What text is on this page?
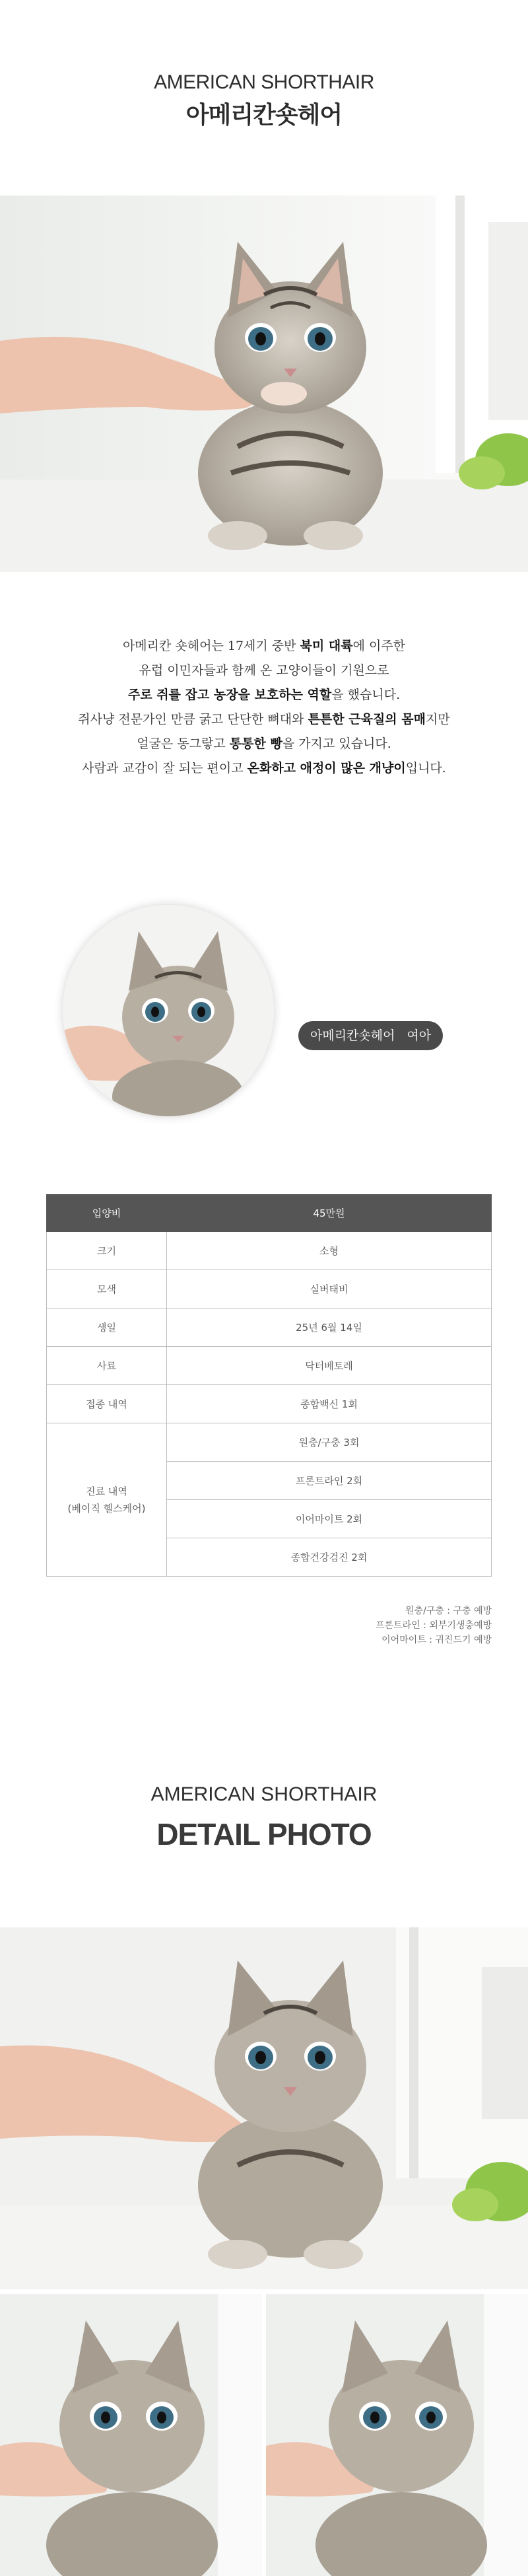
AMERICAN SHORTHAIR
아메리칸숏헤어

아메리칸 숏헤어는 17세기 중반 북미 대륙에 이주한

유럽 이민자들과 함께 온 고양이들이 기원으로

주로 쥐를 잡고 농장을 보호하는 역할을 했습니다.

쥐사냥 전문가인 만큼 굵고 단단한 뼈대와 튼튼한 근육질의 몸매지만

얼굴은 동그랗고 통통한 빵을 가지고 있습니다.

사람과 교감이 잘 되는 편이고 온화하고 애정이 많은 개냥이입니다.

아메리칸숏헤어 여아
입양비	45만원
크기	소형
모색	실버태비
생일	25년 6월 14일
사료	닥터베토레
접종 내역	종합백신 1회
진료 내역
(베이직 헬스케어)	원충/구충 3회
	프론트라인 2회
	이어마이트 2회
	종합건강검진 2회
원충/구충 : 구충 예방
프론트라인 : 외부기생충예방
이어마이트 : 귀진드기 예방
AMERICAN SHORTHAIR
DETAIL PHOTO
